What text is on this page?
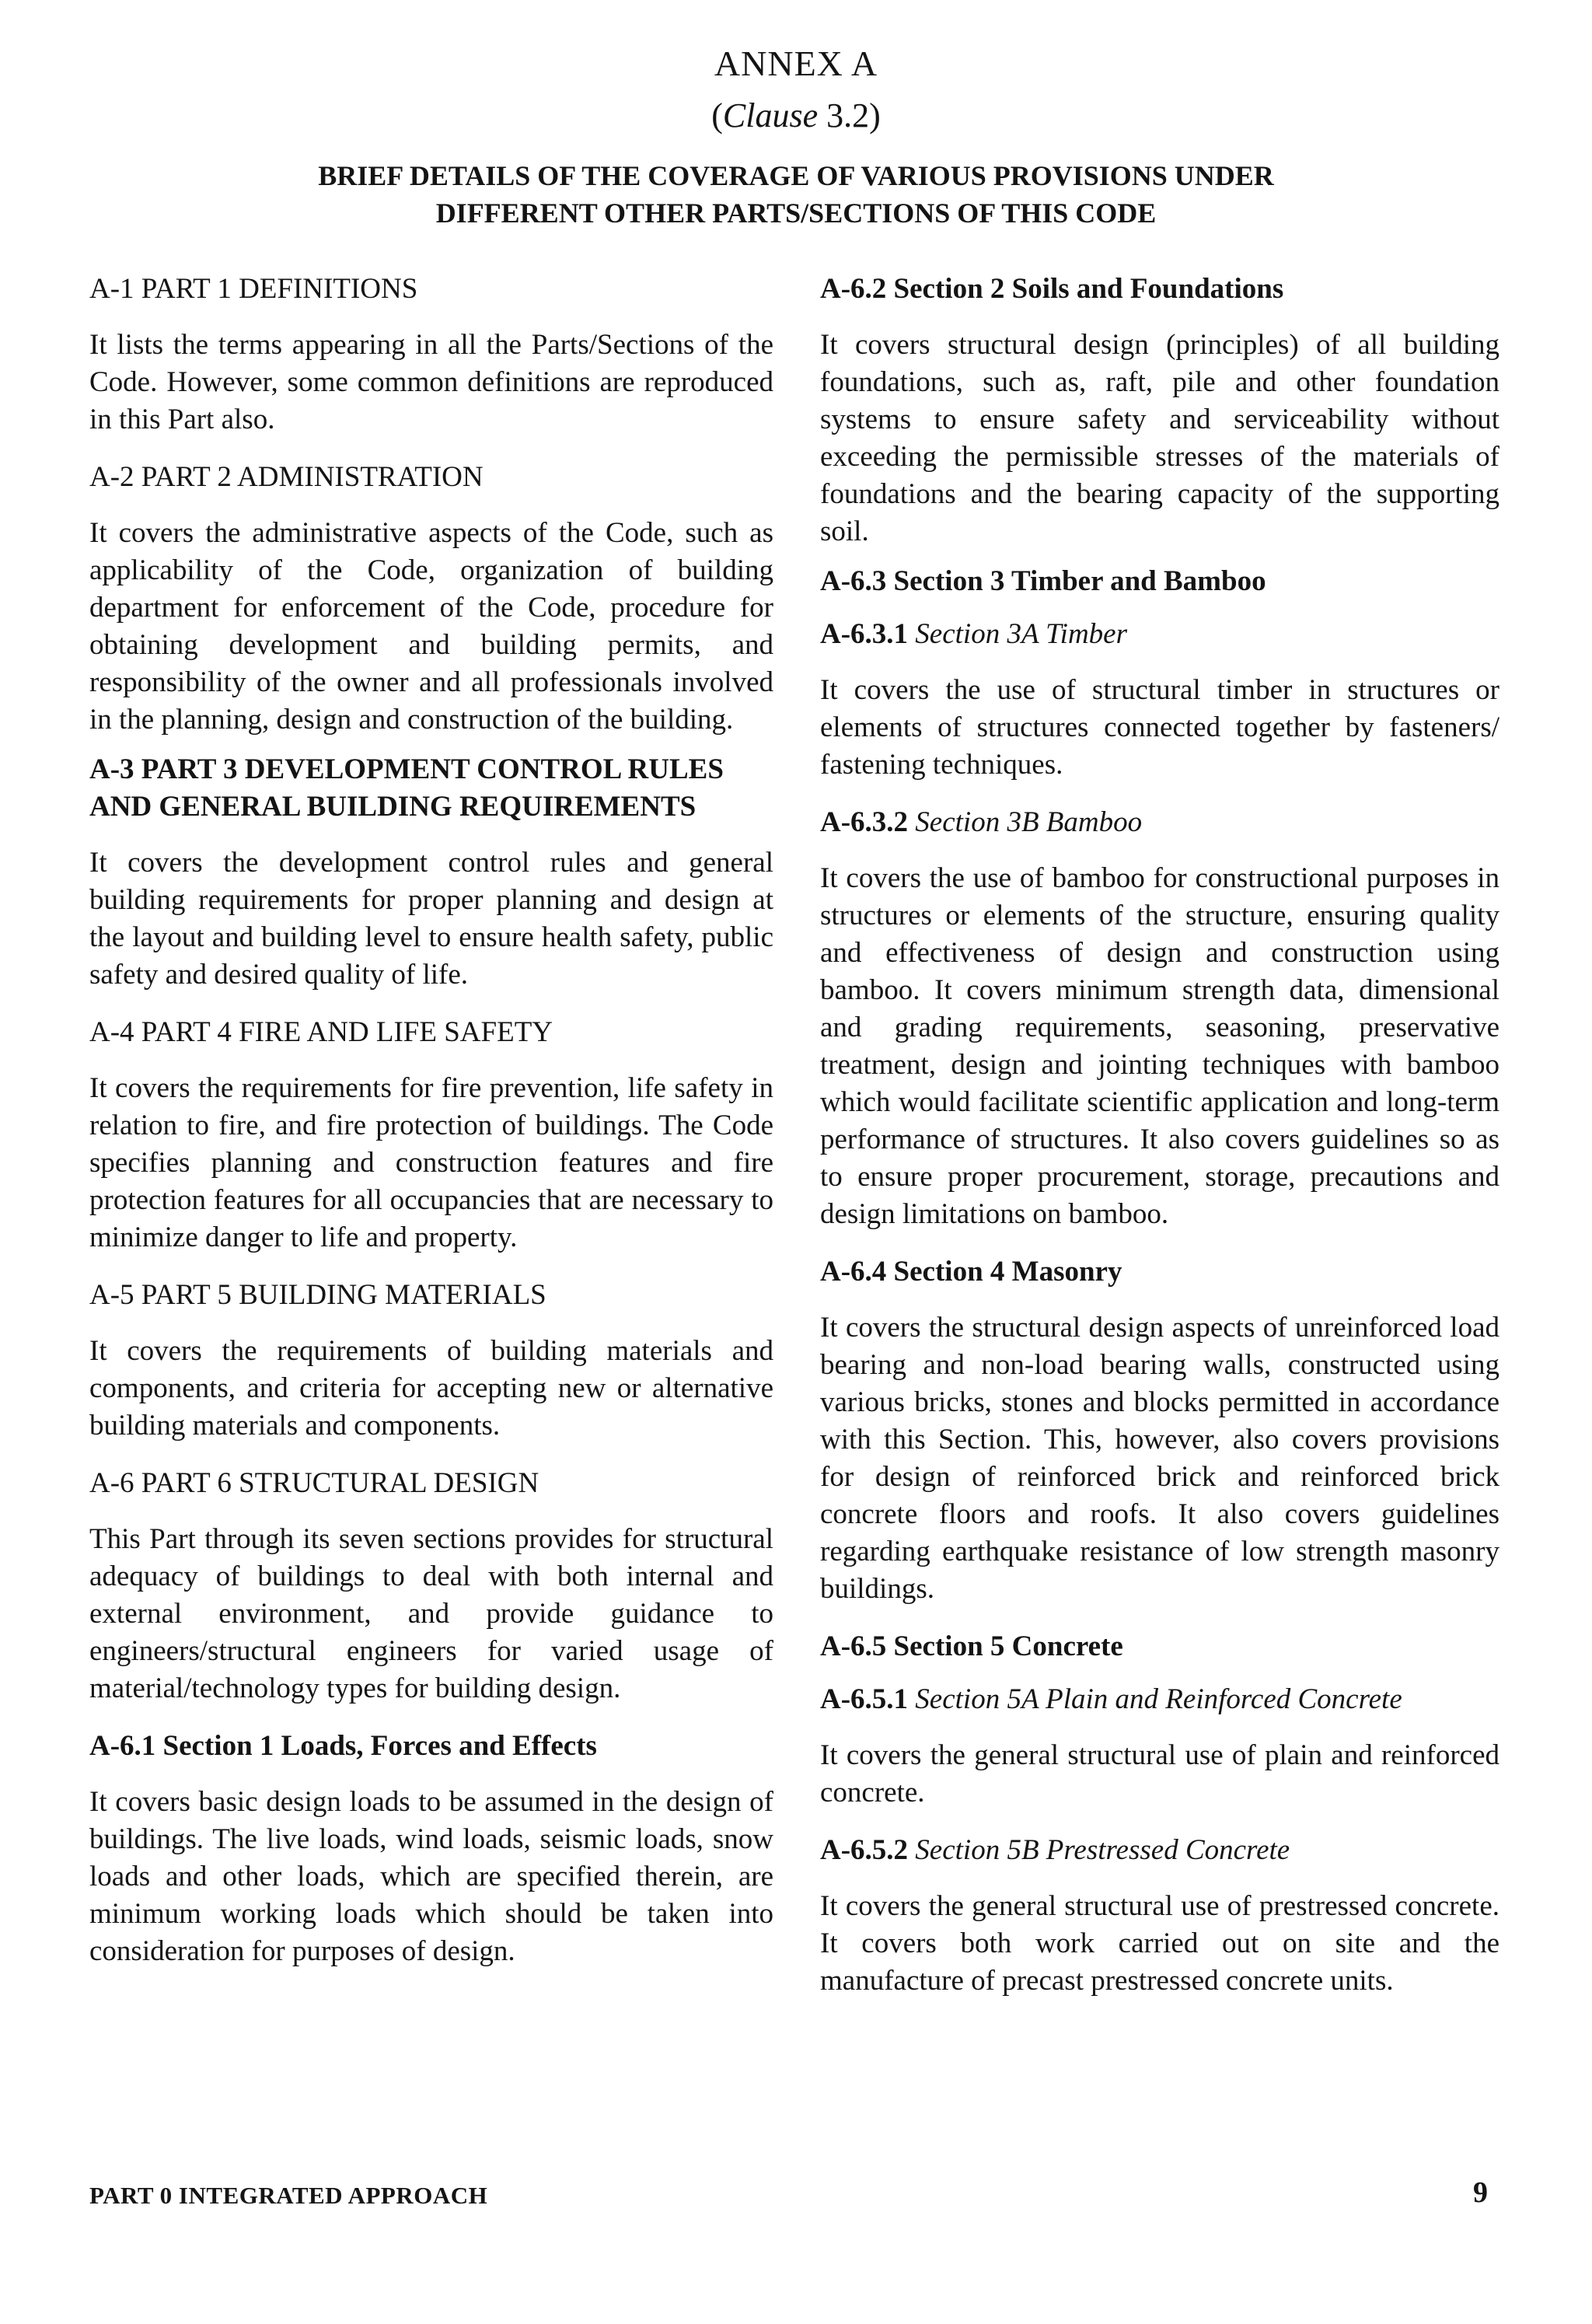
ANNEX A
(Clause 3.2)
BRIEF DETAILS OF THE COVERAGE OF VARIOUS PROVISIONS UNDER
DIFFERENT OTHER PARTS/SECTIONS OF THIS CODE
A-1 PART 1 DEFINITIONS

It lists the terms appearing in all the Parts/Sections of the Code. However, some common definitions are reproduced in this Part also.

A-2 PART 2 ADMINISTRATION

It covers the administrative aspects of the Code, such as applicability of the Code, organization of building department for enforcement of the Code, procedure for obtaining development and building permits, and responsibility of the owner and all professionals involved in the planning, design and construction of the building.

A-3 PART 3 DEVELOPMENT CONTROL RULES AND GENERAL BUILDING REQUIREMENTS

It covers the development control rules and general building requirements for proper planning and design at the layout and building level to ensure health safety, public safety and desired quality of life.

A-4 PART 4 FIRE AND LIFE SAFETY

It covers the requirements for fire prevention, life safety in relation to fire, and fire protection of buildings. The Code specifies planning and construction features and fire protection features for all occupancies that are necessary to minimize danger to life and property.

A-5 PART 5 BUILDING MATERIALS

It covers the requirements of building materials and components, and criteria for accepting new or alternative building materials and components.

A-6 PART 6 STRUCTURAL DESIGN

This Part through its seven sections provides for structural adequacy of buildings to deal with both internal and external environment, and provide guidance to engineers/structural engineers for varied usage of material/technology types for building design.

A-6.1 Section 1 Loads, Forces and Effects

It covers basic design loads to be assumed in the design of buildings. The live loads, wind loads, seismic loads, snow loads and other loads, which are specified therein, are minimum working loads which should be taken into consideration for purposes of design.

A-6.2 Section 2 Soils and Foundations

It covers structural design (principles) of all building foundations, such as, raft, pile and other foundation systems to ensure safety and serviceability without exceeding the permissible stresses of the materials of foundations and the bearing capacity of the supporting soil.

A-6.3 Section 3 Timber and Bamboo
A-6.3.1 Section 3A Timber

It covers the use of structural timber in structures or elements of structures connected together by fasteners/ fastening techniques.

A-6.3.2 Section 3B Bamboo

It covers the use of bamboo for constructional purposes in structures or elements of the structure, ensuring quality and effectiveness of design and construction using bamboo. It covers minimum strength data, dimensional and grading requirements, seasoning, preservative treatment, design and jointing techniques with bamboo which would facilitate scientific application and long-term performance of structures. It also covers guidelines so as to ensure proper procurement, storage, precautions and design limitations on bamboo.

A-6.4 Section 4 Masonry

It covers the structural design aspects of unreinforced load bearing and non-load bearing walls, constructed using various bricks, stones and blocks permitted in accordance with this Section. This, however, also covers provisions for design of reinforced brick and reinforced brick concrete floors and roofs. It also covers guidelines regarding earthquake resistance of low strength masonry buildings.

A-6.5 Section 5 Concrete
A-6.5.1 Section 5A Plain and Reinforced Concrete

It covers the general structural use of plain and reinforced concrete.

A-6.5.2 Section 5B Prestressed Concrete

It covers the general structural use of prestressed concrete. It covers both work carried out on site and the manufacture of precast prestressed concrete units.

PART 0 INTEGRATED APPROACH	9
